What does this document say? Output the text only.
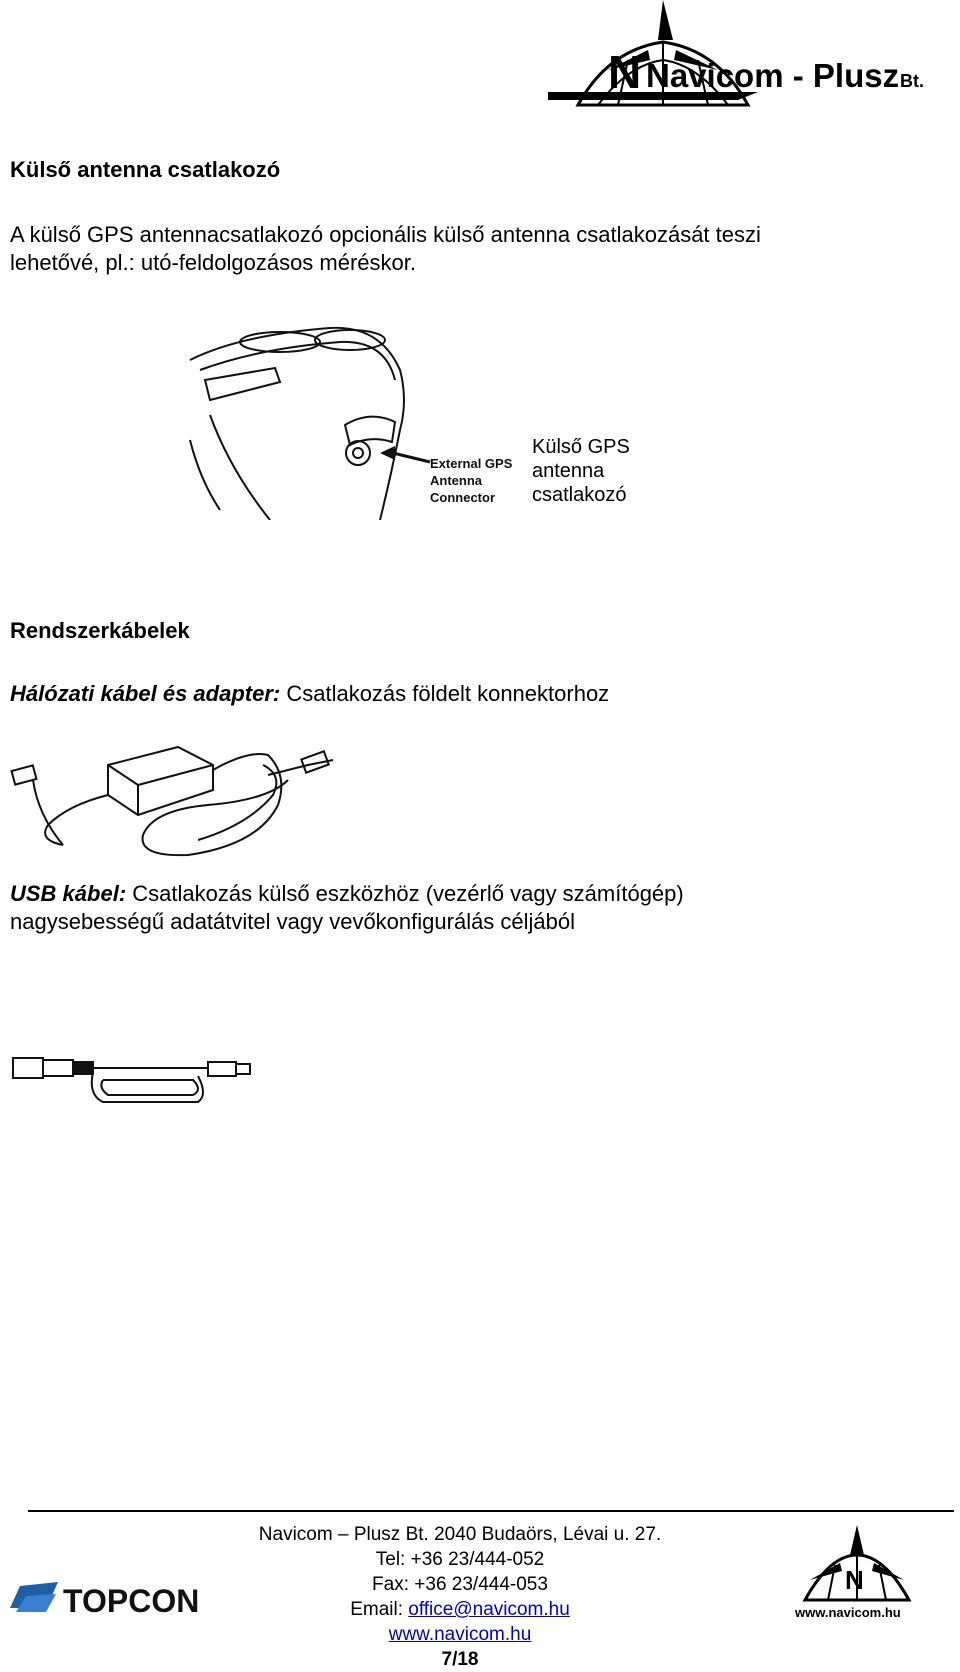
N Navicom - Plusz Bt.
Külső antenna csatlakozó
A külső GPS antennacsatlakozó opcionális külső antenna csatlakozását teszi
lehetővé, pl.: utó-feldolgozásos méréskor.
External GPS
Antenna
Connector
Külső GPS
antenna
csatlakozó
Rendszerkábelek
Hálózati kábel és adapter: Csatlakozás földelt konnektorhoz
USB kábel: Csatlakozás külső eszközhöz (vezérlő vagy számítógép)
nagysebességű adatátvitel vagy vevőkonfigurálás céljából
TOPCON
Navicom – Plusz Bt. 2040 Budaörs, Lévai u. 27.
Tel: +36 23/444-052
Fax: +36 23/444-053
Email: office@navicom.hu
www.navicom.hu
7/18
N
www.navicom.hu
